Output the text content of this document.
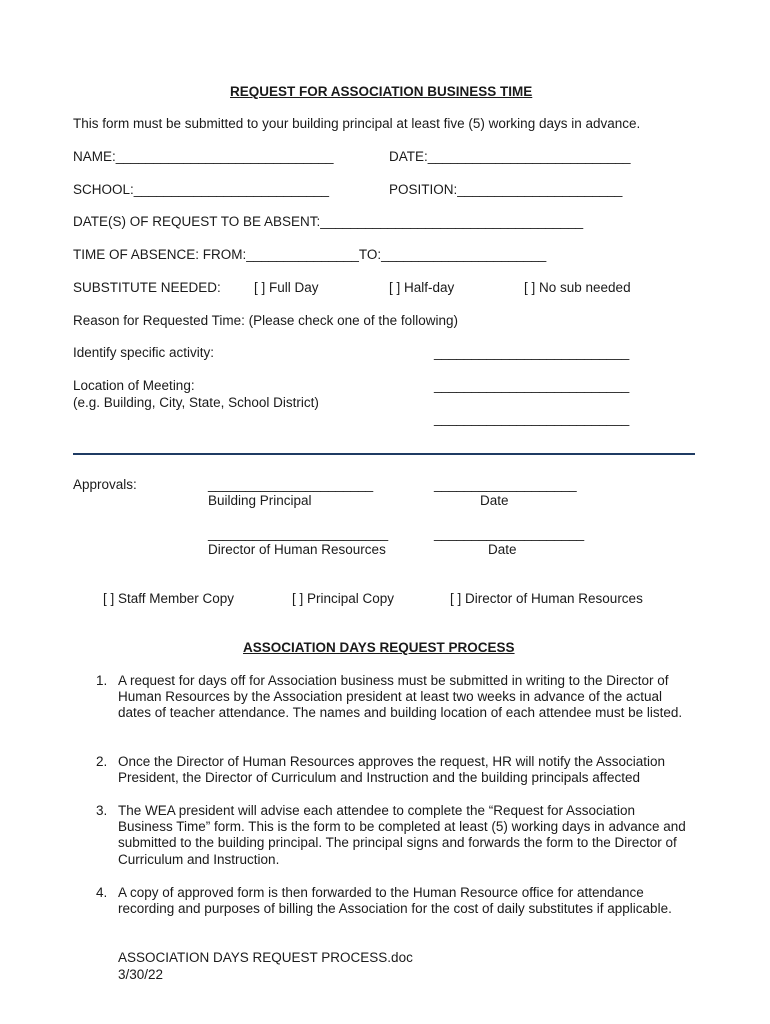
REQUEST FOR ASSOCIATION BUSINESS TIME
This form must be submitted to your building principal at least five (5) working days in advance.
NAME:_____________________________	DATE:___________________________
SCHOOL:__________________________	POSITION:______________________
DATE(S) OF REQUEST TO BE ABSENT:___________________________________
TIME OF ABSENCE: FROM:_______________TO:______________________
SUBSTITUTE NEEDED: [ ] Full Day	[ ] Half-day	[ ] No sub needed
Reason for Requested Time: (Please check one of the following)
Identify specific activity:	__________________________
Location of Meeting:
(e.g. Building, City, State, School District)
__________________________
__________________________
Approvals:	______________________	___________________
Building Principal	Date
________________________	____________________
Director of Human Resources	Date
[ ] Staff Member Copy	[ ] Principal Copy	[ ] Director of Human Resources
ASSOCIATION DAYS REQUEST PROCESS
1. A request for days off for Association business must be submitted in writing to the Director of Human Resources by the Association president at least two weeks in advance of the actual dates of teacher attendance. The names and building location of each attendee must be listed.
2. Once the Director of Human Resources approves the request, HR will notify the Association President, the Director of Curriculum and Instruction and the building principals affected
3. The WEA president will advise each attendee to complete the “Request for Association Business Time” form. This is the form to be completed at least (5) working days in advance and submitted to the building principal. The principal signs and forwards the form to the Director of Curriculum and Instruction.
4. A copy of approved form is then forwarded to the Human Resource office for attendance recording and purposes of billing the Association for the cost of daily substitutes if applicable.
ASSOCIATION DAYS REQUEST PROCESS.doc
3/30/22
